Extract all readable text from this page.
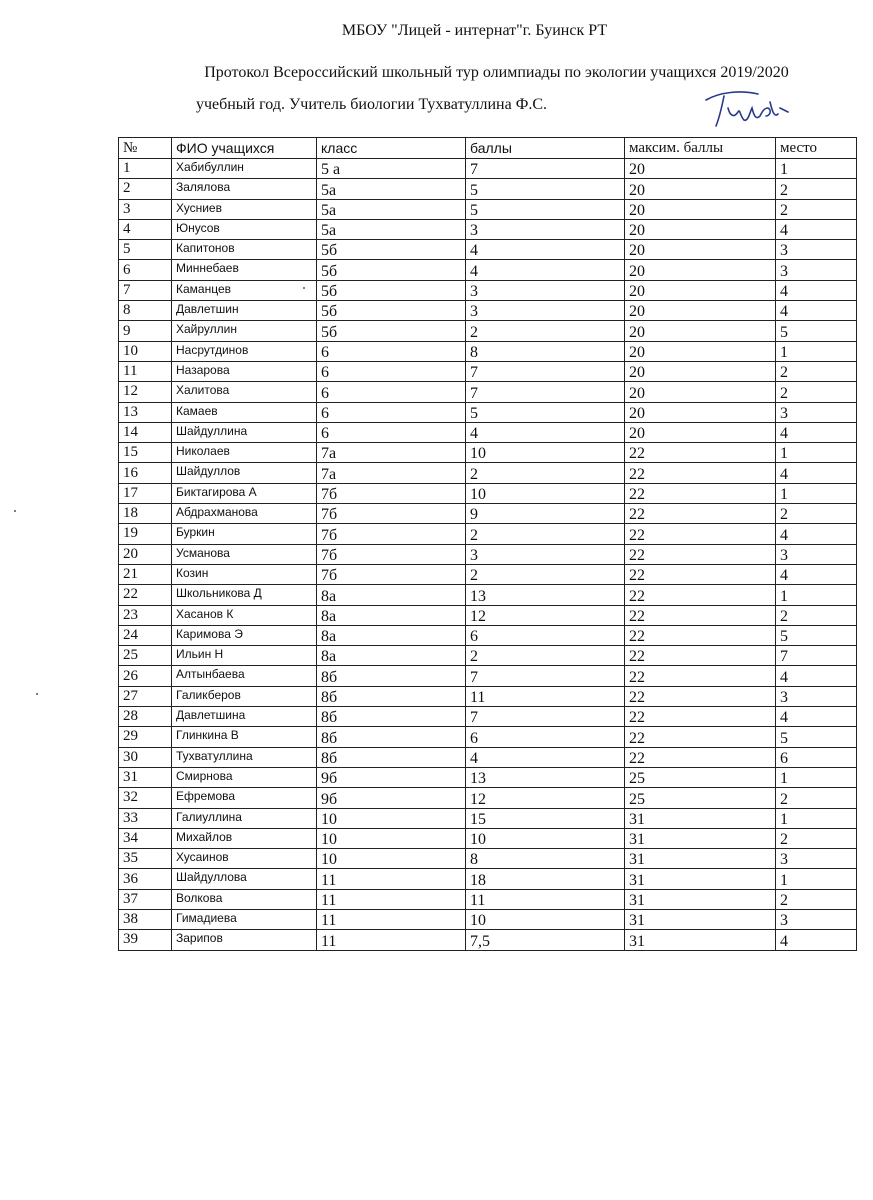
МБОУ "Лицей - интернат"г. Буинск РТ
Протокол Всероссийский школьный тур олимпиады по экологии учащихся 2019/2020
учебный год. Учитель биологии Тухватуллина Ф.С.
№	ФИО учащихся	класс	баллы	максим. баллы	место
1	Хабибуллин	5 а	7	20	1
2	Залялова	5а	5	20	2
3	Хусниев	5а	5	20	2
4	Юнусов	5а	3	20	4
5	Капитонов	5б	4	20	3
6	Миннебаев	5б	4	20	3
7	Каманцев	5б	3	20	4
8	Давлетшин	5б	3	20	4
9	Хайруллин	5б	2	20	5
10	Насрутдинов	6	8	20	1
11	Назарова	6	7	20	2
12	Халитова	6	7	20	2
13	Камаев	6	5	20	3
14	Шайдуллина	6	4	20	4
15	Николаев	7а	10	22	1
16	Шайдуллов	7а	2	22	4
17	Биктагирова А	7б	10	22	1
18	Абдрахманова	7б	9	22	2
19	Буркин	7б	2	22	4
20	Усманова	7б	3	22	3
21	Козин	7б	2	22	4
22	Школьникова Д	8а	13	22	1
23	Хасанов К	8а	12	22	2
24	Каримова Э	8а	6	22	5
25	Ильин Н	8а	2	22	7
26	Алтынбаева	8б	7	22	4
27	Галикберов	8б	11	22	3
28	Давлетшина	8б	7	22	4
29	Глинкина В	8б	6	22	5
30	Тухватуллина	8б	4	22	6
31	Смирнова	9б	13	25	1
32	Ефремова	9б	12	25	2
33	Галиуллина	10	15	31	1
34	Михайлов	10	10	31	2
35	Хусаинов	10	8	31	3
36	Шайдуллова	11	18	31	1
37	Волкова	11	11	31	2
38	Гимадиева	11	10	31	3
39	Зарипов	11	7,5	31	4
